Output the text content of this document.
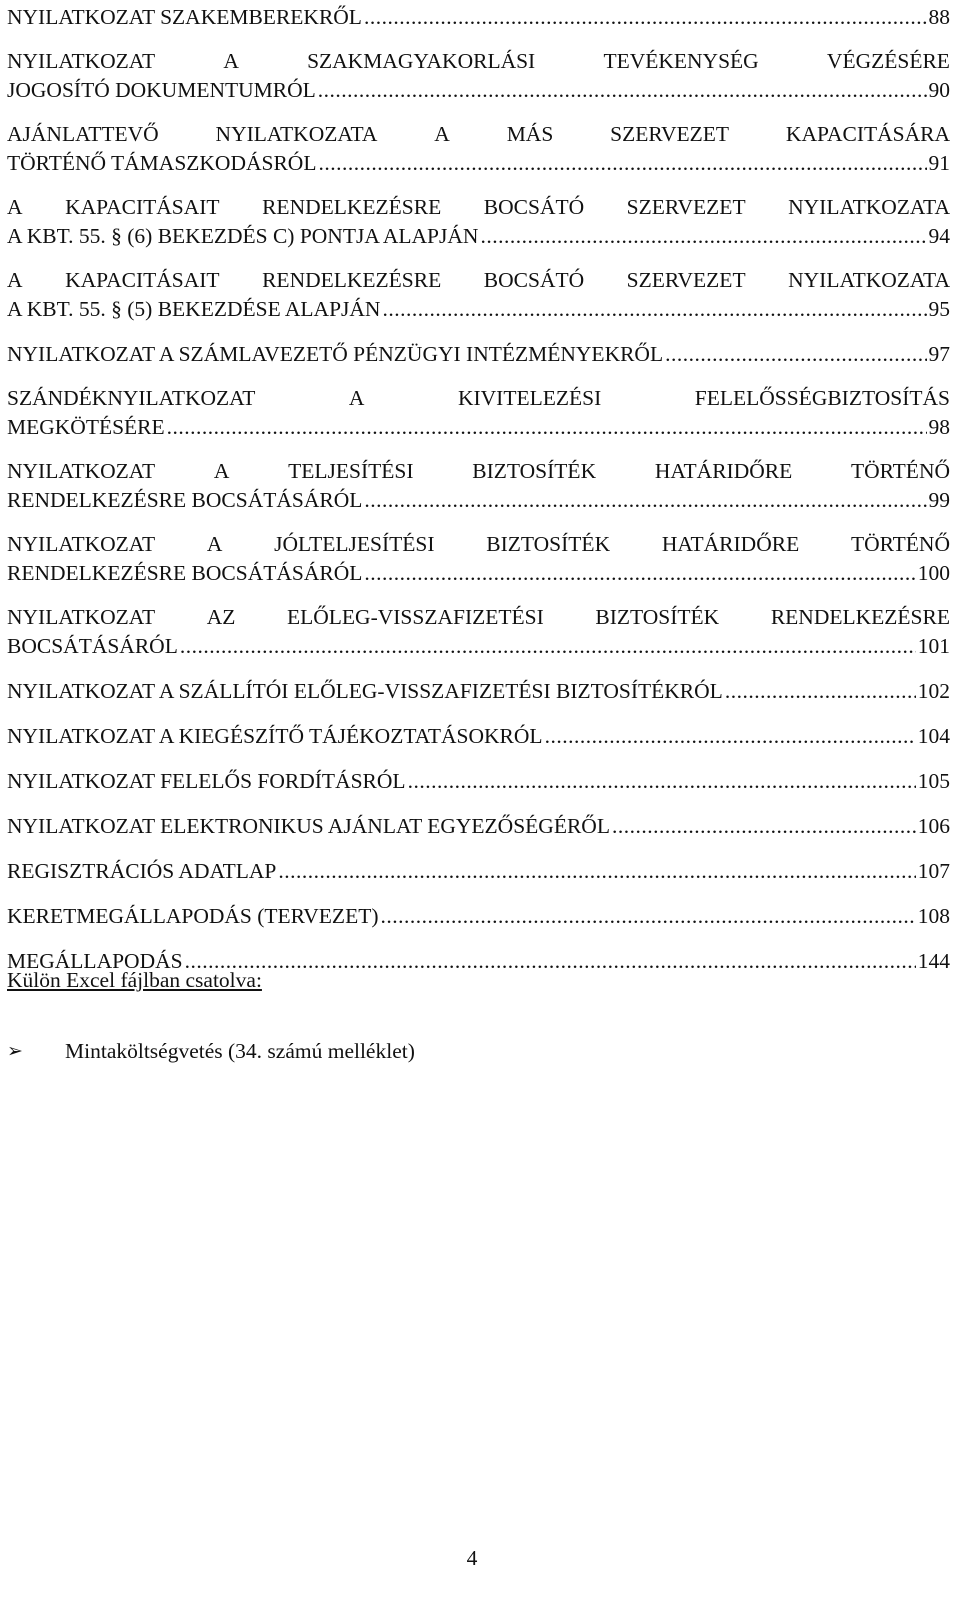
NYILATKOZAT SZAKEMBEREKRŐL .....	88
NYILATKOZAT	A	SZAKMAGYAKORLÁSI	TEVÉKENYSÉG	VÉGZÉSÉRE
JOGOSÍTÓ DOKUMENTUMRÓL .....	90
AJÁNLATTEVŐ	NYILATKOZATA	A	MÁS	SZERVEZET	KAPACITÁSÁRA
TÖRTÉNŐ TÁMASZKODÁSRÓL .....	91
A KAPACITÁSAIT RENDELKEZÉSRE BOCSÁTÓ SZERVEZET NYILATKOZATA
A KBT. 55. § (6) BEKEZDÉS C) PONTJA ALAPJÁN .....	94
A KAPACITÁSAIT RENDELKEZÉSRE BOCSÁTÓ SZERVEZET NYILATKOZATA
A KBT. 55. § (5) BEKEZDÉSE ALAPJÁN .....	95
NYILATKOZAT A SZÁMLAVEZETŐ PÉNZÜGYI INTÉZMÉNYEKRŐL .....	97
SZÁNDÉKNYILATKOZAT	A	KIVITELEZÉSI	FELELŐSSÉGBIZTOSÍTÁS
MEGKÖTÉSÉRE .....	98
NYILATKOZAT	A	TELJESÍTÉSI	BIZTOSÍTÉK	HATÁRIDŐRE	TÖRTÉNŐ
RENDELKEZÉSRE BOCSÁTÁSÁRÓL .....	99
NYILATKOZAT A JÓLTELJESÍTÉSI BIZTOSÍTÉK HATÁRIDŐRE TÖRTÉNŐ
RENDELKEZÉSRE BOCSÁTÁSÁRÓL .....	100
NYILATKOZAT AZ ELŐLEG-VISSZAFIZETÉSI BIZTOSÍTÉK RENDELKEZÉSRE
BOCSÁTÁSÁRÓL .....	101
NYILATKOZAT A SZÁLLÍTÓI ELŐLEG-VISSZAFIZETÉSI BIZTOSÍTÉKRÓL .....	102
NYILATKOZAT A KIEGÉSZÍTŐ TÁJÉKOZTATÁSOKRÓL .....	104
NYILATKOZAT FELELŐS FORDÍTÁSRÓL .....	105
NYILATKOZAT ELEKTRONIKUS AJÁNLAT EGYEZŐSÉGÉRŐL .....	106
REGISZTRÁCIÓS ADATLAP .....	107
KERETMEGÁLLAPODÁS (TERVEZET) .....	108
MEGÁLLAPODÁS .....	144
Külön Excel fájlban csatolva:
➢ Mintaköltségvetés (34. számú melléklet)
4
